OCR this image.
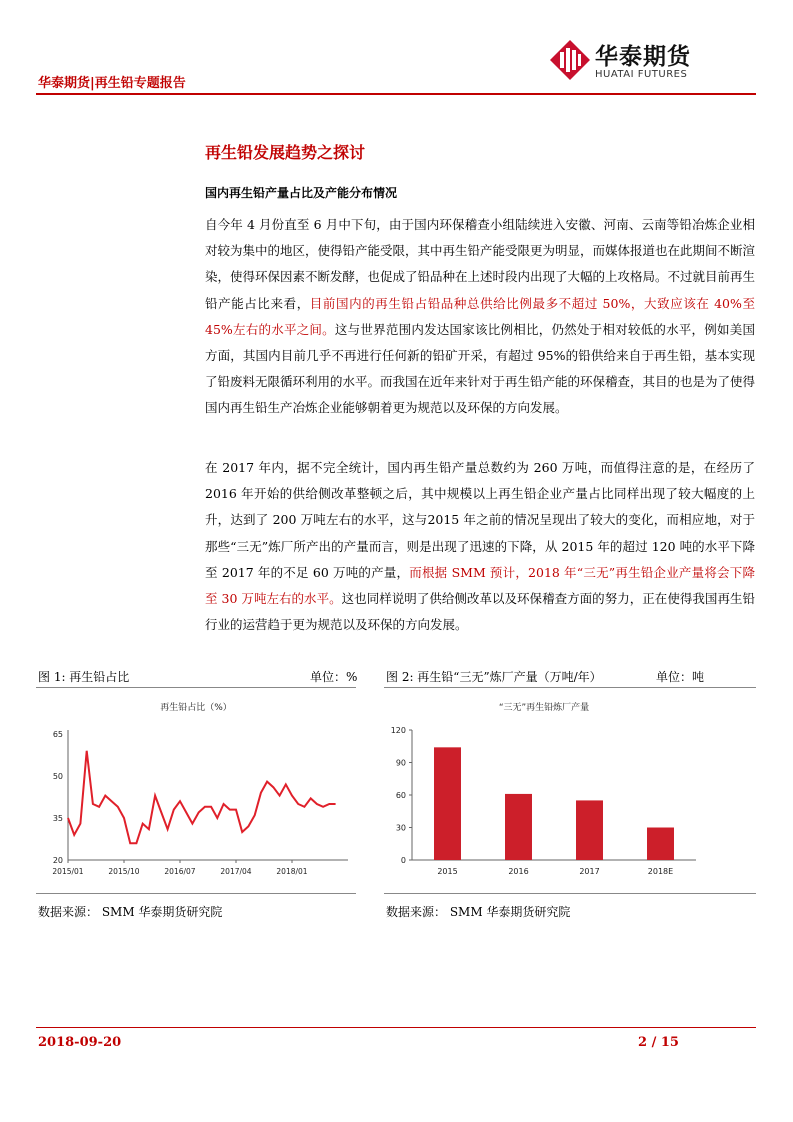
华泰期货|再生铅专题报告
华泰期货
HUATAI FUTURES
再生铅发展趋势之探讨
国内再生铅产量占比及产能分布情况
自今年 4 月份直至 6 月中下旬，由于国内环保稽查小组陆续进入安徽、河南、云南等铅冶炼企业相对较为集中的地区，使得铅产能受限，其中再生铅产能受限更为明显，而媒体报道也在此期间不断渲染，使得环保因素不断发酵，也促成了铅品种在上述时段内出现了大幅的上攻格局。不过就目前再生铅产能占比来看，目前国内的再生铅占铅品种总供给比例最多不超过 50%，大致应该在 40%至 45%左右的水平之间。这与世界范围内发达国家该比例相比，仍然处于相对较低的水平，例如美国方面，其国内目前几乎不再进行任何新的铅矿开采，有超过 95%的铅供给来自于再生铅，基本实现了铅废料无限循环利用的水平。而我国在近年来针对于再生铅产能的环保稽查，其目的也是为了使得国内再生铅生产冶炼企业能够朝着更为规范以及环保的方向发展。
在 2017 年内，据不完全统计，国内再生铅产量总数约为 260 万吨，而值得注意的是，在经历了 2016 年开始的供给侧改革整顿之后，其中规模以上再生铅企业产量占比同样出现了较大幅度的上升，达到了 200 万吨左右的水平，这与2015 年之前的情况呈现出了较大的变化，而相应地，对于那些“三无”炼厂所产出的产量而言，则是出现了迅速的下降，从 2015 年的超过 120 吨的水平下降至 2017 年的不足 60 万吨的产量，而根据 SMM 预计，2018 年“三无”再生铅企业产量将会下降至 30 万吨左右的水平。这也同样说明了供给侧改革以及环保稽查方面的努力，正在使得我国再生铅行业的运营趋于更为规范以及环保的方向发展。
图 1: 再生铅占比	单位：%
再生铅占比（%）
20
35
50
65
2015/01	2015/10	2016/07	2017/04	2018/01
数据来源： SMM 华泰期货研究院
图 2: 再生铅“三无”炼厂产量（万吨/年）	单位：吨
“三无”再生铅炼厂产量
0
30
60
90
120
2015	2016	2017	2018E
数据来源： SMM 华泰期货研究院
2018-09-20	2 / 15
